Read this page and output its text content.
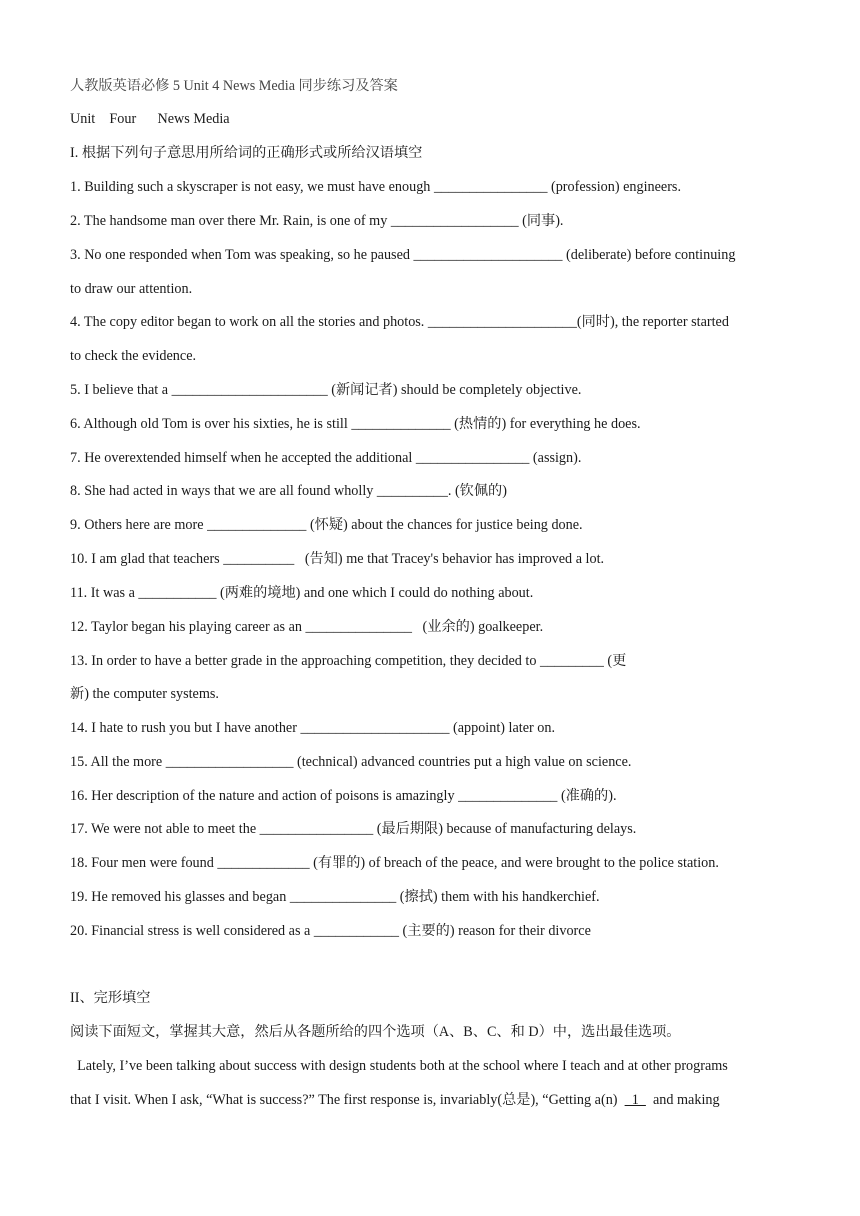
人教版英语必修 5 Unit 4 News Media 同步练习及答案
Unit    Four      News Media
I. 根据下列句子意思用所给词的正确形式或所给汉语填空
1. Building such a skyscraper is not easy, we must have enough ________________ (profession) engineers.
2. The handsome man over there Mr. Rain, is one of my __________________ (同事).
3. No one responded when Tom was speaking, so he paused _____________________ (deliberate) before continuing
to draw our attention.
4. The copy editor began to work on all the stories and photos. _____________________(同时), the reporter started
to check the evidence.
5. I believe that a ______________________ (新闻记者) should be completely objective.
6. Although old Tom is over his sixties, he is still ______________ (热情的) for everything he does.
7. He overextended himself when he accepted the additional ________________ (assign).
8. She had acted in ways that we are all found wholly __________. (钦佩的)
9. Others here are more ______________ (怀疑) about the chances for justice being done.
10. I am glad that teachers __________   (告知) me that Tracey's behavior has improved a lot.
11. It was a ___________ (两难的境地) and one which I could do nothing about.
12. Taylor began his playing career as an _______________   (业余的) goalkeeper.
13. In order to have a better grade in the approaching competition, they decided to _________ (更
新) the computer systems.
14. I hate to rush you but I have another _____________________ (appoint) later on.
15. All the more __________________ (technical) advanced countries put a high value on science.
16. Her description of the nature and action of poisons is amazingly ______________ (准确的).
17. We were not able to meet the ________________ (最后期限) because of manufacturing delays.
18. Four men were found _____________ (有罪的) of breach of the peace, and were brought to the police station.
19. He removed his glasses and began _______________ (擦拭) them with his handkerchief.
20. Financial stress is well considered as a ____________ (主要的) reason for their divorce
II、完形填空
阅读下面短文，掌握其大意，然后从各题所给的四个选项（A、B、C、和 D）中，选出最佳选项。
Lately, I’ve been talking about success with design students both at the school where I teach and at other programs
that I visit. When I ask, “What is success?” The first response is, invariably(总是), “Getting a(n)    1    and making
